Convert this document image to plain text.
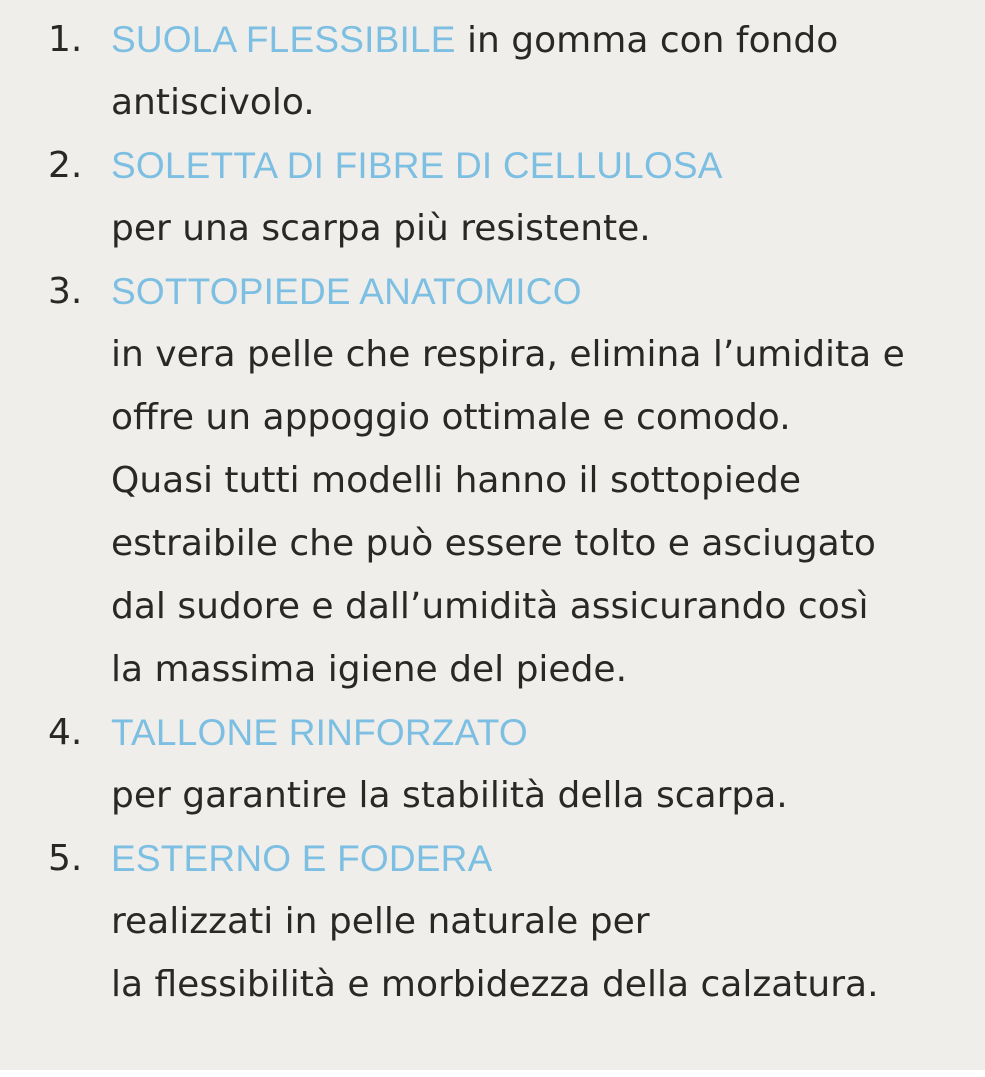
1. SUOLA FLESSIBILE in gomma con fondo
antiscivolo.
2. SOLETTA DI FIBRE DI CELLULOSA
per una scarpa più resistente.
3. SOTTOPIEDE ANATOMICO
in vera pelle che respira, elimina l’umidita e
offre un appoggio ottimale e comodo.
Quasi tutti modelli hanno il sottopiede
estraibile che può essere tolto e asciugato
dal sudore e dall’umidità assicurando così
la massima igiene del piede.
4. TALLONE RINFORZATO
per garantire la stabilità della scarpa.
5. ESTERNO E FODERA
realizzati in pelle naturale per
la flessibilità e morbidezza della calzatura.
